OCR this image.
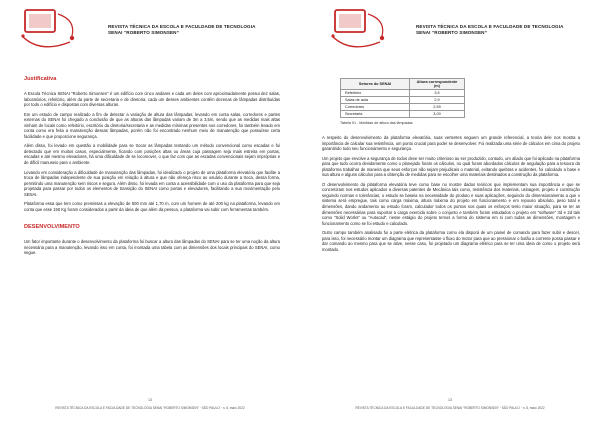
REVISTA TÉCNICA DA ESCOLA E FACULDADE DE TECNOLOGIA
SENAI “ROBERTO SIMONSEN”
Justificativa

A Escola Técnica SENAI “Roberto Simonsen” é um edifício com cinco andares e cada um deles com aproximadamente possui dez salas, laboratórios, refeitório, além da parte de secretaria e de diretoria, cada um desses ambientes contêm dezenas de lâmpadas distribuídas por todo o edifício e dispostas com diversas alturas.

Em um estudo de campo realizado a fim de detectar a variação de altura das lâmpadas, levando em conta salas, corredores e partes externas do SENAI foi chegado a conclusão de que as alturas das lâmpadas variam de 3m a 3,5m, sendo que as medidas mais altas vinham de locais como refeitório, escritório da diretoria/secretaria e as medidas mínimas presentes nos corredores, foi também levado em conta como era feita a manutenção dessas lâmpadas, porém não foi encontrado nenhum meio de manutenção que possuísse certa facilidade e que proporcione segurança.

Além disso, foi levado em questão a mobilidade para se trocar as lâmpadas tentando um método convencional como escadas e foi detectado que em muitos casos, especialmente, ficando com posições altas ou áreas cuja passagem seja mais estreita em portas, escadas e até mesmo elevadores, há uma dificuldade de se locomover, o que faz com que as escadas convencionais sejam impróprias e de difícil manuseio para o ambiente.

Levando em consideração a dificuldade de manutenção das lâmpadas, foi idealizado o projeto de uma plataforma elevatória que facilite a troca de lâmpadas independente de sua posição em relação à altura e que não ofereça risco ao usuário durante a troca, dessa forma, permitindo uma manutenção sem riscos e segura. Além disso, foi levada em conta a acessibilidade com o uso da plataforma para que seja projetada para passar por todos os elementos de transição do SENAI como portas e elevadores, facilitando a sua movimentação pelo SENAI.

Plataforma essa que tem como premissas a elevação de 500 mm até 1,70 m, com um homem de até 200 kg na plataforma, levando em conta que esse 150 Kg foram considerados a partir da ideia de que além da pessoa, a plataforma vai subir com ferramentas também.

DESENVOLVIMENTO

Um fator importante durante o desenvolvimento da plataforma foi buscar a altura das lâmpadas do SENAI para se ter uma noção da altura necessária para a manutenção, levando isso em conta, foi montada uma tabela com as dimensões dos locais principais do SENAI, como segue.

13
REVISTA TÉCNICA DA ESCOLA E FACULDADE DE TECNOLOGIA SENAI “ROBERTO SIMONSEN” · SÃO PAULO · n. 8, maio 2022
REVISTA TÉCNICA DA ESCOLA E FACULDADE DE TECNOLOGIA
SENAI “ROBERTO SIMONSEN”
Setores do SENAI	Altura correspondente (m)
Refeitório	3,5
Salas de aula	2,9
Corredores	2,59
Secretaria	3,00
Tabela 01 - Medidas de altura das lâmpadas

A respeito do desenvolvimento da plataforma elevatória, suas vertentes seguem um grande referencial, a teoria dele nos mostra a importância de calcular sua resistência, um ponto crucial para poder se desenvolver. Foi realizada uma série de cálculos em cima do projeto garantindo todo seu funcionamento e segurança.

Um projeto que envolve a segurança de todos deve ser muito criterioso ao ser produzido, contudo, um aliado que foi aplicado na plataforma para que tudo ocorra devidamente como o planejado foram os cálculos, no qual foram abordados cálculos de angulação para a tesoura da plataforma trabalhar de maneira que seus esforços não sejam prejudicais o material, evitando quebras e acidentes, foi calculado a base e sua altura e alguns cálculos para a obtenção de medidas para se escolher uma materiais destinados a construção da plataforma.

O desenvolvimento da plataforma elevatória teve como base no mostre dados teóricos que implementam sua importância e que se concretizam nos estudos aplicados a diversas patentes de Mecânica tais como, resistência dos materiais, usinagem, projeto e construção seguindo normas e tolerâncias, o estudo se baseia na necessidade do produto e suas aplicações, seguindo do dimensionamento a que o sistema será empregue, tais como carga máxima, altura máxima do projeto em funcionamento e em repouso absoluto, peso total e dimensões, dando andamento ao estudo foram, calculador todos os pontos nos quais os esforços tenlo maior situação, para se ter as dimensões necessárias para suportar a carga exercida sobre o conjunto e também foram estudados o projeto em “software” 3d e 2d tais como “Solid Works” ou “Autocad”, nesse estágio do projeto temos a forma do sistema em si com todas as dimensões, montagem e funcionamento como se foi estudo e calculado.

Outro campo também analisado foi a parte elétrica da plataforma como ela disporá de um painel de comando para fazer subir e descer, para isso, foi necessário montar um diagrama que representasse o fluxo do motor para que ao pressionar o botão a corrente possa passar e dar comando ao mesmo para que se ative, nesse caso, foi projetado um diagrama elétrico para se ter uma ideia de como o projeto será montado.

13
REVISTA TÉCNICA DA ESCOLA E FACULDADE DE TECNOLOGIA SENAI “ROBERTO SIMONSEN” · SÃO PAULO · n. 8, maio 2022
